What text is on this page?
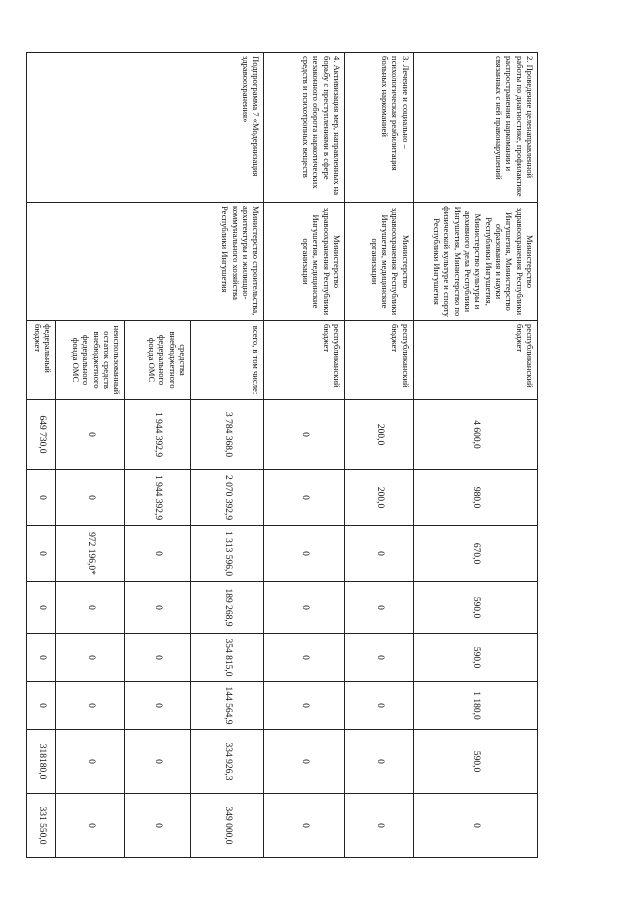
2. Проведение целенаправленной работы по диагностике, профилактике распространения наркомании и связанных с ней правонарушений	Министерство здравоохранения Республики Ингушетия, Министерство образования и науки Республики Ингушетия, Министерство культуры и архивного дела Республики Ингушетия, Министерство по физической культуре и спорту Республики Ингушетия	республиканский бюджет	4 600,0	980,0	670,0	590,0	590,0	1 180,0	590,0	0
3. Лечение и социально – психологическая реабилитация больных наркоманией	Министерство здравоохранения Республики Ингушетия, медицинские организации	республиканский бюджет	200,0	200,0	0	0	0	0	0	0
4. Активизация мер, направленных на борьбу с преступлениями в сфере незаконного оборота наркотических средств и психотропных веществ	Министерство здравоохранения Республики Ингушетия, медицинские организации	республиканский бюджет	0	0	0	0	0	0	0	0
Подпрограмма 7 «Модернизация здравоохранения»	Министерство строительства, архитектуры и жилищно-коммунального хозяйства Республики Ингушетия	всего, в том числе:	3 784 368,0	2 070 392,9	1 313 596,0	189 268,9	354 815,0	144 564,9	334 926,3	349 000,0
		средства внебюджетного федерального фонда ОМС	1 944 392,9	1 944 392,9	0	0	0	0	0	0
		неиспользованный остаток средств внебюджетного федерального фонда ОМС	0	0	972 196,0*	0	0	0	0	0
		федеральный бюджет	649 730,0	0	0	0	0	0	318180,0	331 550,0
